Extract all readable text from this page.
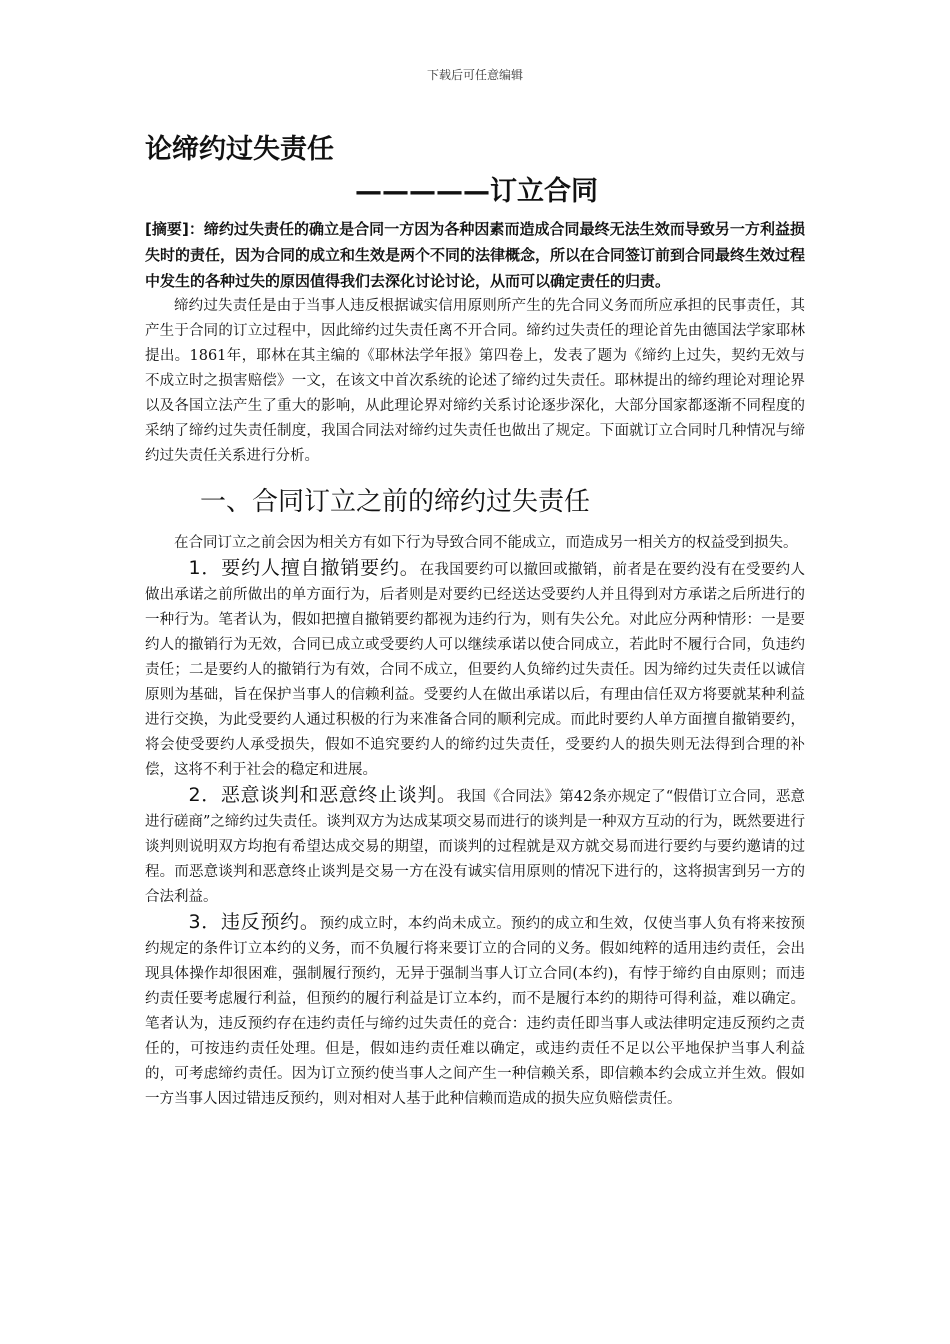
下载后可任意编辑
论缔约过失责任
—————订立合同

[摘要]：缔约过失责任的确立是合同一方因为各种因素而造成合同最终无法生效而导致另一方利益损失时的责任，因为合同的成立和生效是两个不同的法律概念，所以在合同签订前到合同最终生效过程中发生的各种过失的原因值得我们去深化讨论讨论，从而可以确定责任的归责。

缔约过失责任是由于当事人违反根据诚实信用原则所产生的先合同义务而所应承担的民事责任，其产生于合同的订立过程中，因此缔约过失责任离不开合同。缔约过失责任的理论首先由德国法学家耶林提出。1861年，耶林在其主编的《耶林法学年报》第四卷上，发表了题为《缔约上过失，契约无效与不成立时之损害赔偿》一文，在该文中首次系统的论述了缔约过失责任。耶林提出的缔约理论对理论界以及各国立法产生了重大的影响，从此理论界对缔约关系讨论逐步深化，大部分国家都逐渐不同程度的采纳了缔约过失责任制度，我国合同法对缔约过失责任也做出了规定。下面就订立合同时几种情况与缔约过失责任关系进行分析。

一、合同订立之前的缔约过失责任

在合同订立之前会因为相关方有如下行为导致合同不能成立，而造成另一相关方的权益受到损失。

1．要约人擅自撤销要约。在我国要约可以撤回或撤销，前者是在要约没有在受要约人做出承诺之前所做出的单方面行为，后者则是对要约已经送达受要约人并且得到对方承诺之后所进行的一种行为。笔者认为，假如把擅自撤销要约都视为违约行为，则有失公允。对此应分两种情形：一是要约人的撤销行为无效，合同已成立或受要约人可以继续承诺以使合同成立，若此时不履行合同，负违约责任；二是要约人的撤销行为有效，合同不成立，但要约人负缔约过失责任。因为缔约过失责任以诚信原则为基础，旨在保护当事人的信赖利益。受要约人在做出承诺以后，有理由信任双方将要就某种利益进行交换，为此受要约人通过积极的行为来准备合同的顺利完成。而此时要约人单方面擅自撤销要约，将会使受要约人承受损失，假如不追究要约人的缔约过失责任，受要约人的损失则无法得到合理的补偿，这将不利于社会的稳定和进展。

2．恶意谈判和恶意终止谈判。我国《合同法》第42条亦规定了“假借订立合同，恶意进行磋商”之缔约过失责任。谈判双方为达成某项交易而进行的谈判是一种双方互动的行为，既然要进行谈判则说明双方均抱有希望达成交易的期望，而谈判的过程就是双方就交易而进行要约与要约邀请的过程。而恶意谈判和恶意终止谈判是交易一方在没有诚实信用原则的情况下进行的，这将损害到另一方的合法利益。

3．违反预约。预约成立时，本约尚未成立。预约的成立和生效，仅使当事人负有将来按预约规定的条件订立本约的义务，而不负履行将来要订立的合同的义务。假如纯粹的适用违约责任，会出现具体操作却很困难，强制履行预约，无异于强制当事人订立合同(本约)，有悖于缔约自由原则；而违约责任要考虑履行利益，但预约的履行利益是订立本约，而不是履行本约的期待可得利益，难以确定。笔者认为，违反预约存在违约责任与缔约过失责任的竞合：违约责任即当事人或法律明定违反预约之责任的，可按违约责任处理。但是，假如违约责任难以确定，或违约责任不足以公平地保护当事人利益的，可考虑缔约责任。因为订立预约使当事人之间产生一种信赖关系，即信赖本约会成立并生效。假如一方当事人因过错违反预约，则对相对人基于此种信赖而造成的损失应负赔偿责任。
